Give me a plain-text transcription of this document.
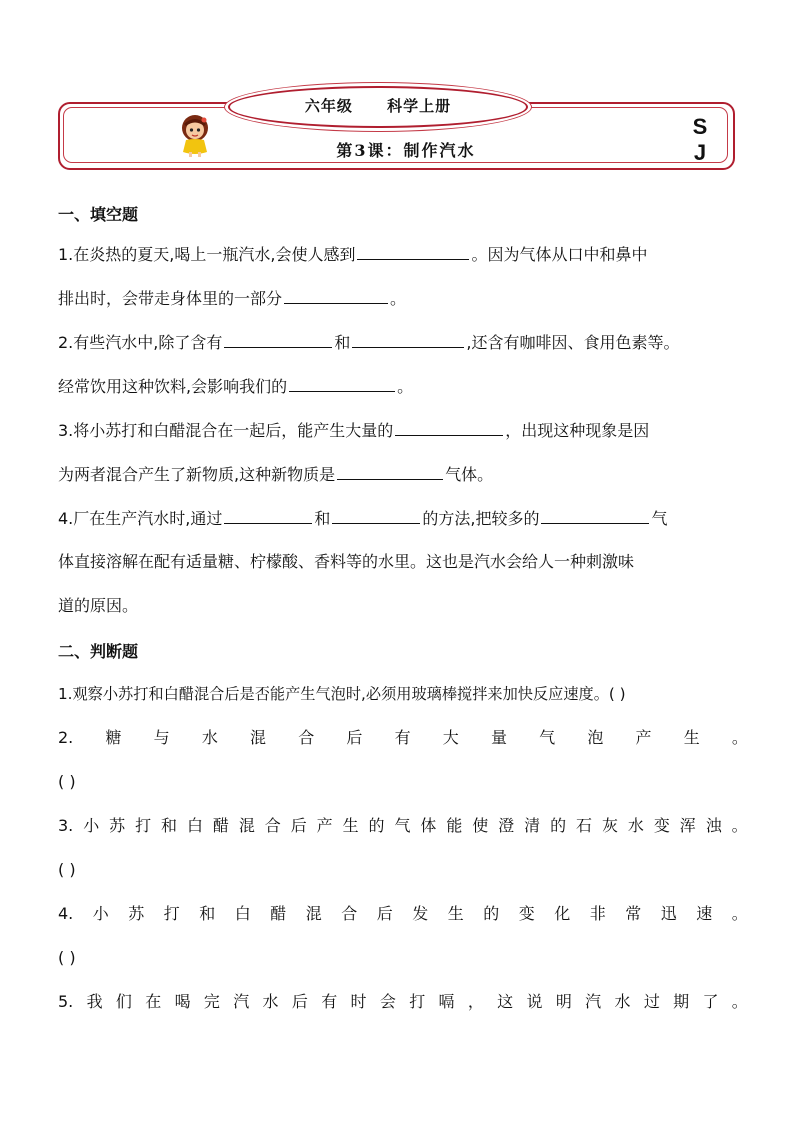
六年级 科学上册
第3课：制作汽水
S
J
一、填空题
1.在炎热的夏天,喝上一瓶汽水,会使人感到	。因为气体从口中和鼻中
排出时，会带走身体里的一部分	。
2.有些汽水中,除了含有	和	,还含有咖啡因、食用色素等。
经常饮用这种饮料,会影响我们的	。
3.将小苏打和白醋混合在一起后，能产生大量的	，出现这种现象是因
为两者混合产生了新物质,这种新物质是	气体。
4.厂在生产汽水时,通过	和	的方法,把较多的	气
体直接溶解在配有适量糖、柠檬酸、香料等的水里。这也是汽水会给人一种刺激味
道的原因。
二、判断题
1.观察小苏打和白醋混合后是否能产生气泡时,必须用玻璃棒搅拌来加快反应速度。( )
2. 糖 与 水 混 合 后 有 大 量 气 泡 产 生 。
( )
3. 小 苏 打 和 白 醋 混 合 后 产 生 的 气 体 能 使 澄 清 的 石 灰 水 变 浑 浊 。
( )
4. 小 苏 打 和 白 醋 混 合 后 发 生 的 变 化 非 常 迅 速 。
( )
5. 我 们 在 喝 完 汽 水 后 有 时 会 打 嗝 ， 这 说 明 汽 水 过 期 了 。
